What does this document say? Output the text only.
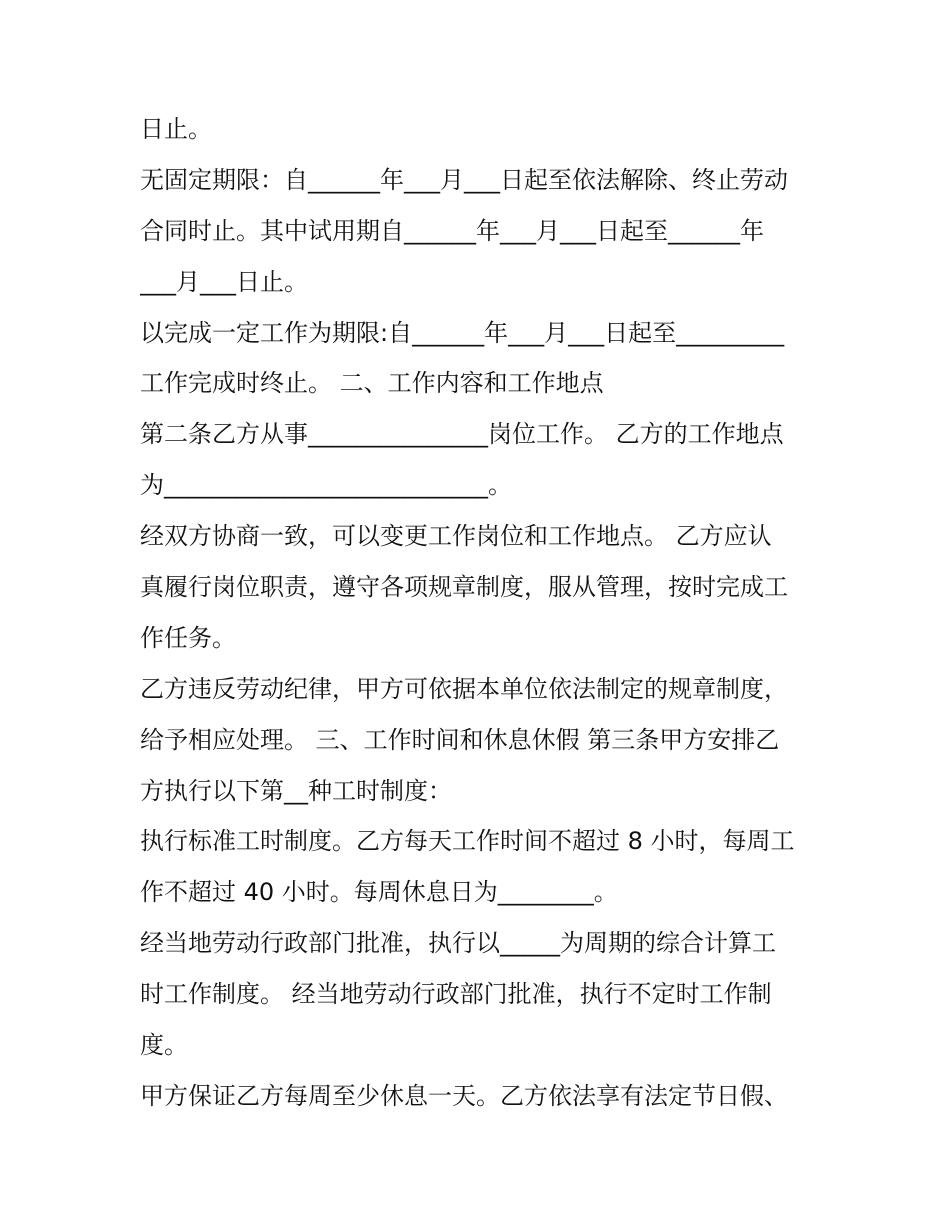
日止。
无固定期限：自______年___月___日起至依法解除、终止劳动
合同时止。其中试用期自______年___月___日起至______年
___月___日止。
以完成一定工作为期限:自______年___月___日起至_________
工作完成时终止。 二、工作内容和工作地点
第二条乙方从事_______________岗位工作。 乙方的工作地点
为___________________________。
经双方协商一致，可以变更工作岗位和工作地点。 乙方应认
真履行岗位职责，遵守各项规章制度，服从管理，按时完成工
作任务。
乙方违反劳动纪律，甲方可依据本单位依法制定的规章制度，
给予相应处理。 三、工作时间和休息休假 第三条甲方安排乙
方执行以下第__种工时制度：
执行标准工时制度。乙方每天工作时间不超过 8 小时，每周工
作不超过 40 小时。每周休息日为________。
经当地劳动行政部门批准，执行以_____为周期的综合计算工
时工作制度。 经当地劳动行政部门批准，执行不定时工作制
度。
甲方保证乙方每周至少休息一天。乙方依法享有法定节日假、
